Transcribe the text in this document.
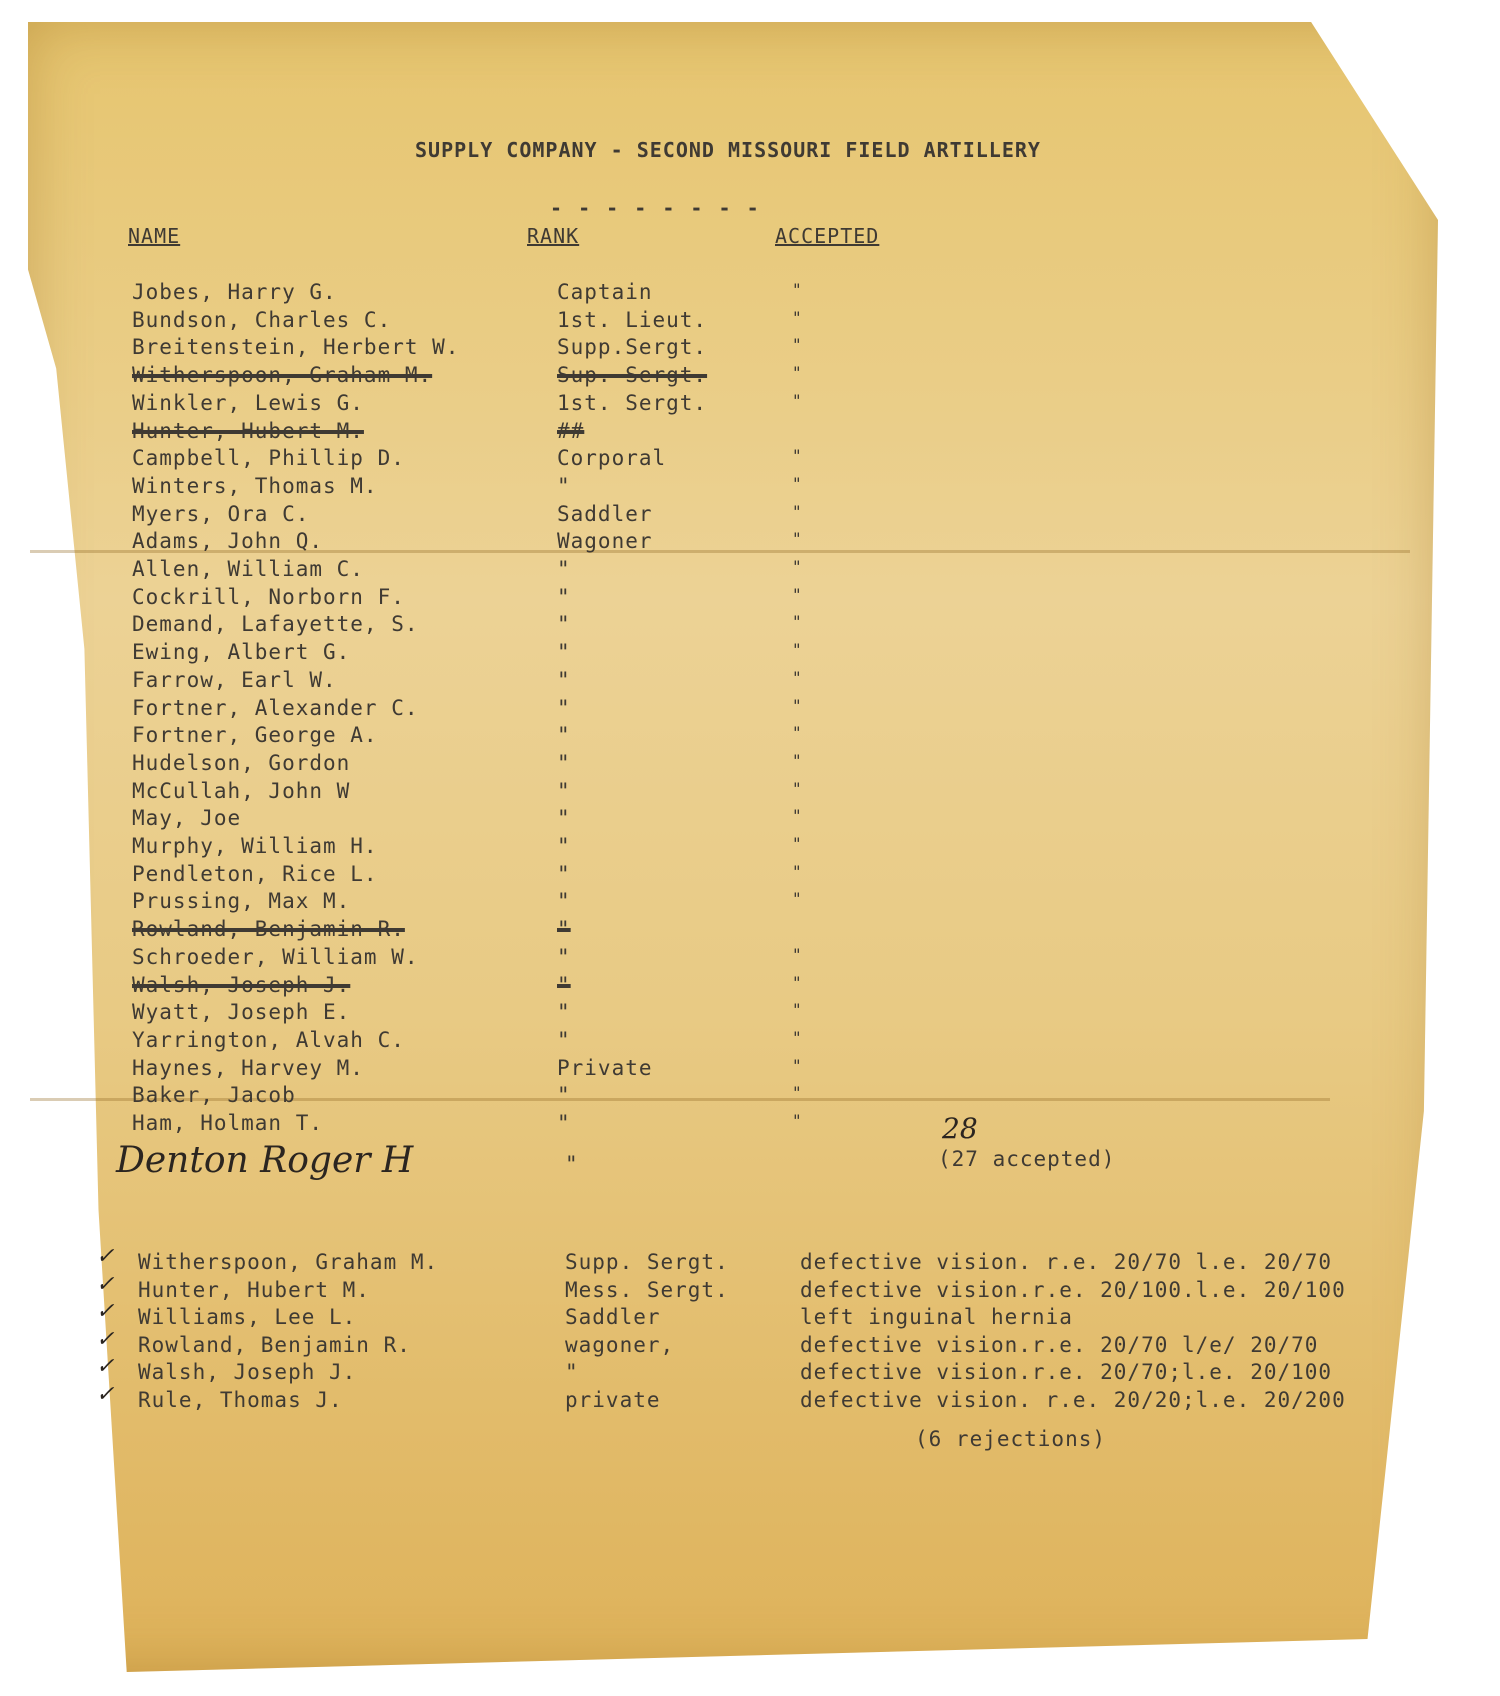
SUPPLY COMPANY - SECOND MISSOURI FIELD ARTILLERY
- - - - - - - -
NAME	RANK	ACCEPTED
Jobes, Harry G.	Captain	"
Bundson, Charles C.	1st. Lieut.	"
Breitenstein, Herbert W.	Supp.Sergt.	"
Witherspoon, Graham M.	Sup. Sergt.	"
Winkler, Lewis G.	1st. Sergt.	"
Hunter, Hubert M.	##
Campbell, Phillip D.	Corporal	"
Winters, Thomas M.	"	"
Myers, Ora C.	Saddler	"
Adams, John Q.	Wagoner	"
Allen, William C.	"	"
Cockrill, Norborn F.	"	"
Demand, Lafayette, S.	"	"
Ewing, Albert G.	"	"
Farrow, Earl W.	"	"
Fortner, Alexander C.	"	"
Fortner, George A.	"	"
Hudelson, Gordon	"	"
McCullah, John W	"	"
May, Joe	"	"
Murphy, William H.	"	"
Pendleton, Rice L.	"	"
Prussing, Max M.	"	"
Rowland, Benjamin R.	"
Schroeder, William W.	"	"
Walsh, Joseph J.	"	"
Wyatt, Joseph E.	"	"
Yarrington, Alvah C.	"	"
Haynes, Harvey M.	Private	"
Baker, Jacob	"	"
Ham, Holman T.	"	"
Denton Roger H	"
28
(27 accepted)
✓ Witherspoon, Graham M.	Supp. Sergt.	defective vision. r.e. 20/70 l.e. 20/70
✓ Hunter, Hubert M.	Mess. Sergt.	defective vision.r.e. 20/100.l.e. 20/100
✓ Williams, Lee L.	Saddler	left inguinal hernia
✓ Rowland, Benjamin R.	wagoner,	defective vision.r.e. 20/70 l/e/ 20/70
✓ Walsh, Joseph J.	"	defective vision.r.e. 20/70;l.e. 20/100
✓ Rule, Thomas J.	private	defective vision. r.e. 20/20;l.e. 20/200
(6 rejections)
